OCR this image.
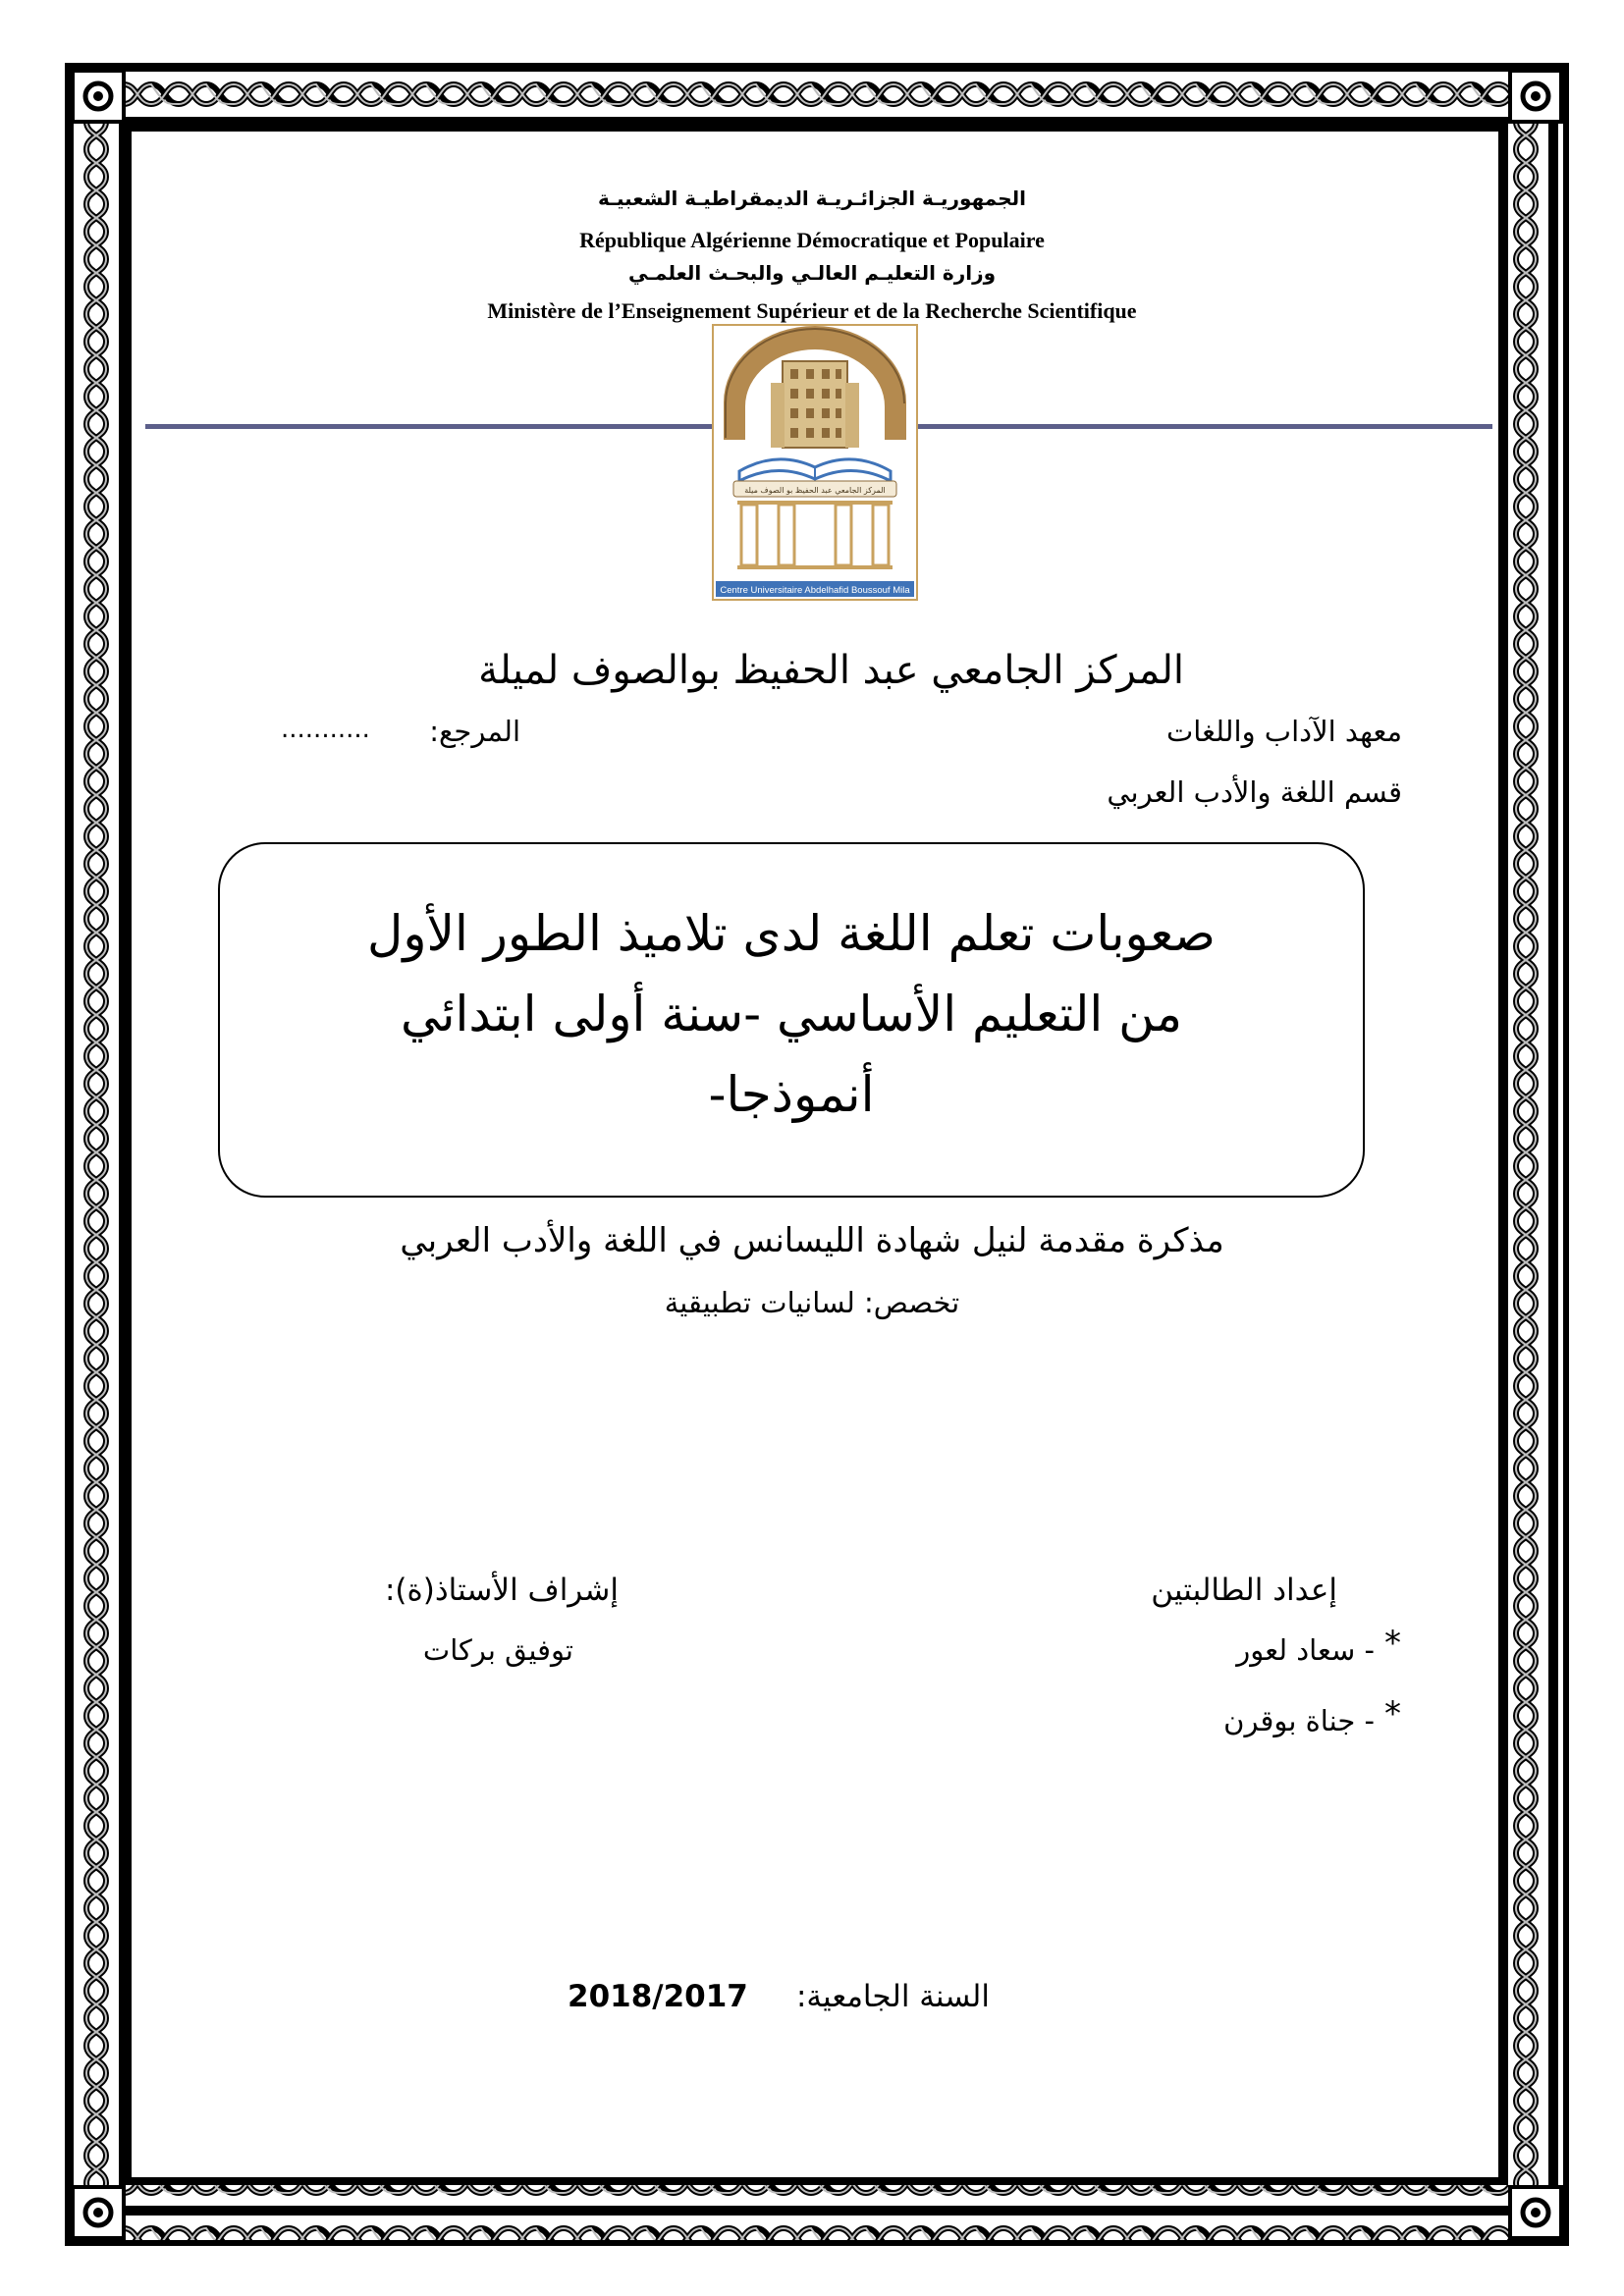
الجمهوريـة الجزائـريـة الديمقراطيـة الشعبيـة
République Algérienne Démocratique et Populaire
وزارة التعليـم العالـي والبحـث العلمـي
Ministère de l’Enseignement Supérieur et de la Recherche Scientifique
المركز الجامعي عبد الحفيظ بو الصوف ميلة
Centre Universitaire Abdelhafid Boussouf Mila
المركز الجامعي عبد الحفيظ بوالصوف لميلة
معهد الآداب واللغات
المرجع:
...........
قسم اللغة والأدب العربي
صعوبات تعلم اللغة لدى تلاميذ الطور الأول
من التعليم الأساسي -سنة أولى ابتدائي
أنموذجا-
مذكرة مقدمة لنيل شهادة الليسانس في اللغة والأدب العربي
تخصص: لسانيات تطبيقية
إعداد الطالبتين
إشراف الأستاذ(ة):
*
- سعاد لعور
توفيق بركات
*
- جناة بوقرن
السنة الجامعية:
2018/2017
